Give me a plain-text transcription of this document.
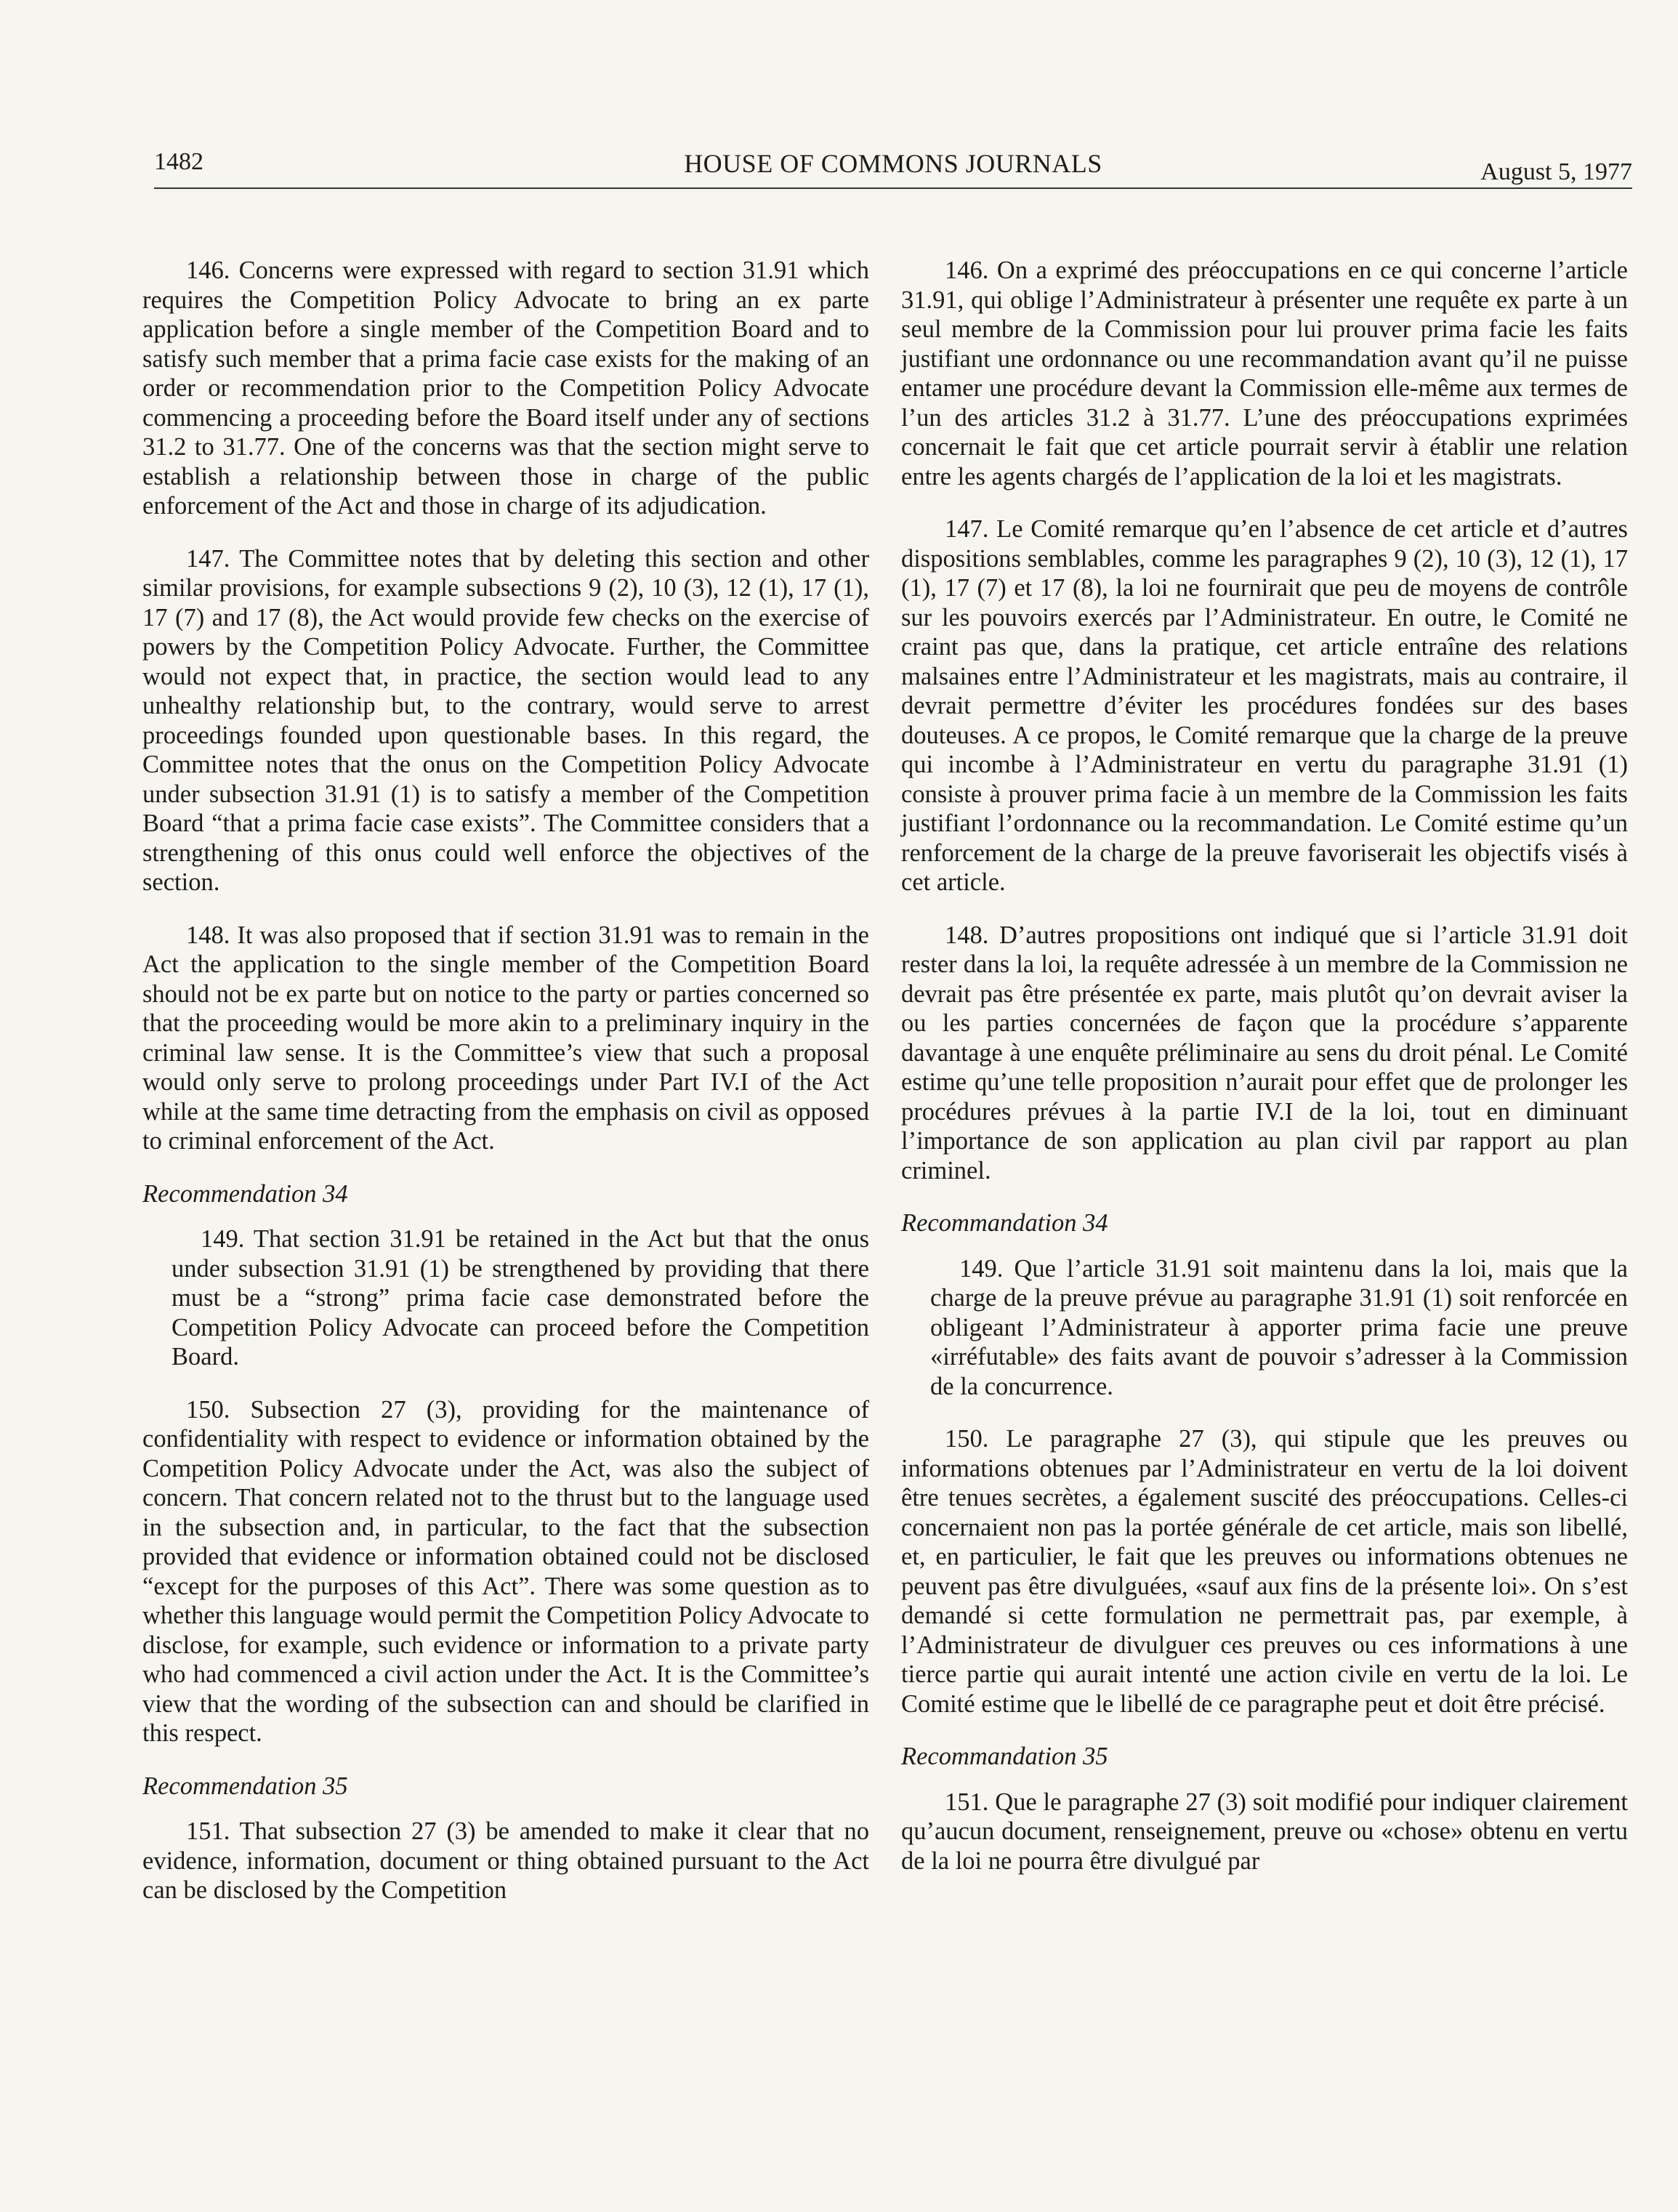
1482	HOUSE OF COMMONS JOURNALS	August 5, 1977

146. Concerns were expressed with regard to section 31.91 which requires the Competition Policy Advocate to bring an ex parte application before a single member of the Competition Board and to satisfy such member that a prima facie case exists for the making of an order or recommendation prior to the Competition Policy Advocate commencing a proceeding before the Board itself under any of sections 31.2 to 31.77. One of the concerns was that the section might serve to establish a relationship between those in charge of the public enforcement of the Act and those in charge of its adjudication.

147. The Committee notes that by deleting this section and other similar provisions, for example subsections 9 (2), 10 (3), 12 (1), 17 (1), 17 (7) and 17 (8), the Act would provide few checks on the exercise of powers by the Competition Policy Advocate. Further, the Committee would not expect that, in practice, the section would lead to any unhealthy relationship but, to the contrary, would serve to arrest proceedings founded upon questionable bases. In this regard, the Committee notes that the onus on the Competition Policy Advocate under subsection 31.91 (1) is to satisfy a member of the Competition Board “that a prima facie case exists”. The Committee considers that a strengthening of this onus could well enforce the objectives of the section.

148. It was also proposed that if section 31.91 was to remain in the Act the application to the single member of the Competition Board should not be ex parte but on notice to the party or parties concerned so that the proceeding would be more akin to a preliminary inquiry in the criminal law sense. It is the Committee’s view that such a proposal would only serve to prolong proceedings under Part IV.I of the Act while at the same time detracting from the emphasis on civil as opposed to criminal enforcement of the Act.

Recommendation 34

149. That section 31.91 be retained in the Act but that the onus under subsection 31.91 (1) be strengthened by providing that there must be a “strong” prima facie case demonstrated before the Competition Policy Advocate can proceed before the Competition Board.

150. Subsection 27 (3), providing for the maintenance of confidentiality with respect to evidence or information obtained by the Competition Policy Advocate under the Act, was also the subject of concern. That concern related not to the thrust but to the language used in the subsection and, in particular, to the fact that the subsection provided that evidence or information obtained could not be disclosed “except for the purposes of this Act”. There was some question as to whether this language would permit the Competition Policy Advocate to disclose, for example, such evidence or information to a private party who had commenced a civil action under the Act. It is the Committee’s view that the wording of the subsection can and should be clarified in this respect.

Recommendation 35

151. That subsection 27 (3) be amended to make it clear that no evidence, information, document or thing obtained pursuant to the Act can be disclosed by the Competition

146. On a exprimé des préoccupations en ce qui concerne l’article 31.91, qui oblige l’Administrateur à présenter une requête ex parte à un seul membre de la Commission pour lui prouver prima facie les faits justifiant une ordonnance ou une recommandation avant qu’il ne puisse entamer une procédure devant la Commission elle-même aux termes de l’un des articles 31.2 à 31.77. L’une des préoccupations exprimées concernait le fait que cet article pourrait servir à établir une relation entre les agents chargés de l’application de la loi et les magistrats.

147. Le Comité remarque qu’en l’absence de cet article et d’autres dispositions semblables, comme les paragraphes 9 (2), 10 (3), 12 (1), 17 (1), 17 (7) et 17 (8), la loi ne fournirait que peu de moyens de contrôle sur les pouvoirs exercés par l’Administrateur. En outre, le Comité ne craint pas que, dans la pratique, cet article entraîne des relations malsaines entre l’Administrateur et les magistrats, mais au contraire, il devrait permettre d’éviter les procédures fondées sur des bases douteuses. A ce propos, le Comité remarque que la charge de la preuve qui incombe à l’Administrateur en vertu du paragraphe 31.91 (1) consiste à prouver prima facie à un membre de la Commission les faits justifiant l’ordonnance ou la recommandation. Le Comité estime qu’un renforcement de la charge de la preuve favoriserait les objectifs visés à cet article.

148. D’autres propositions ont indiqué que si l’article 31.91 doit rester dans la loi, la requête adressée à un membre de la Commission ne devrait pas être présentée ex parte, mais plutôt qu’on devrait aviser la ou les parties concernées de façon que la procédure s’apparente davantage à une enquête préliminaire au sens du droit pénal. Le Comité estime qu’une telle proposition n’aurait pour effet que de prolonger les procédures prévues à la partie IV.I de la loi, tout en diminuant l’importance de son application au plan civil par rapport au plan criminel.

Recommandation 34

149. Que l’article 31.91 soit maintenu dans la loi, mais que la charge de la preuve prévue au paragraphe 31.91 (1) soit renforcée en obligeant l’Administrateur à apporter prima facie une preuve «irréfutable» des faits avant de pouvoir s’adresser à la Commission de la concurrence.

150. Le paragraphe 27 (3), qui stipule que les preuves ou informations obtenues par l’Administrateur en vertu de la loi doivent être tenues secrètes, a également suscité des préoccupations. Celles-ci concernaient non pas la portée générale de cet article, mais son libellé, et, en particulier, le fait que les preuves ou informations obtenues ne peuvent pas être divulguées, «sauf aux fins de la présente loi». On s’est demandé si cette formulation ne permettrait pas, par exemple, à l’Administrateur de divulguer ces preuves ou ces informations à une tierce partie qui aurait intenté une action civile en vertu de la loi. Le Comité estime que le libellé de ce paragraphe peut et doit être précisé.

Recommandation 35

151. Que le paragraphe 27 (3) soit modifié pour indiquer clairement qu’aucun document, renseignement, preuve ou «chose» obtenu en vertu de la loi ne pourra être divulgué par
